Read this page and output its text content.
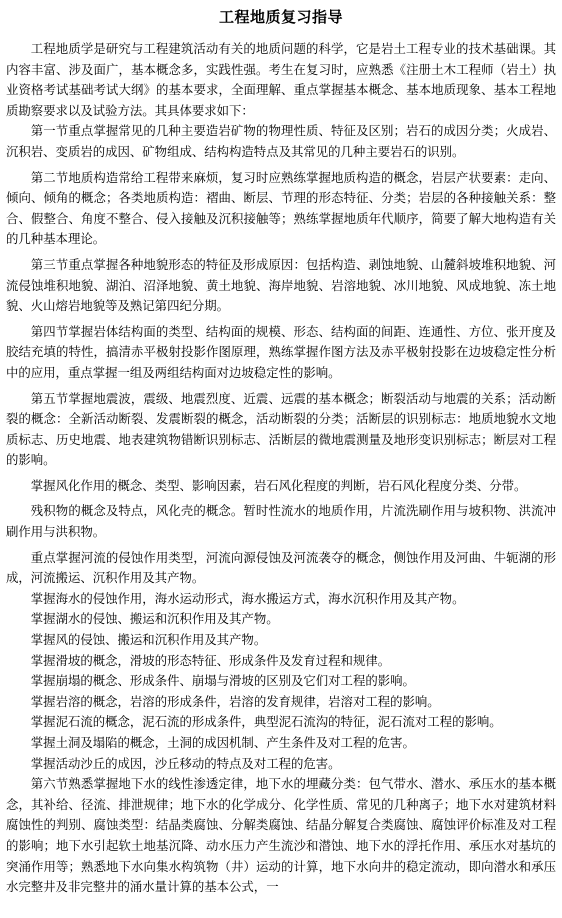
工程地质复习指导

工程地质学是研究与工程建筑活动有关的地质问题的科学，它是岩土工程专业的技术基础课。其内容丰富、涉及面广，基本概念多，实践性强。考生在复习时，应熟悉《注册土木工程师（岩土）执业资格考试基础考试大纲》的基本要求，全面理解、重点掌握基本概念、基本地质现象、基本工程地质勘察要求以及试验方法。其具体要求如下：

第一节重点掌握常见的几种主要造岩矿物的物理性质、特征及区别；岩石的成因分类；火成岩、沉积岩、变质岩的成因、矿物组成、结构构造特点及其常见的几种主要岩石的识别。

第二节地质构造常给工程带来麻烦，复习时应熟练掌握地质构造的概念，岩层产状要素：走向、倾向、倾角的概念；各类地质构造：褶曲、断层、节理的形态特征、分类；岩层的各种接触关系：整合、假整合、角度不整合、侵入接触及沉积接触等；熟练掌握地质年代顺序，简要了解大地构造有关的几种基本理论。

第三节重点掌握各种地貌形态的特征及形成原因：包括构造、剥蚀地貌、山麓斜坡堆积地貌、河流侵蚀堆积地貌、湖泊、沼泽地貌、黄土地貌、海岸地貌、岩溶地貌、冰川地貌、风成地貌、冻土地貌、火山熔岩地貌等及熟记第四纪分期。

第四节掌握岩体结构面的类型、结构面的规模、形态、结构面的间距、连通性、方位、张开度及胶结充填的特性，搞清赤平极射投影作图原理，熟练掌握作图方法及赤平极射投影在边坡稳定性分析中的应用，重点掌握一组及两组结构面对边坡稳定性的影响。

第五节掌握地震波，震级、地震烈度、近震、远震的基本概念；断裂活动与地震的关系；活动断裂的概念：全新活动断裂、发震断裂的概念，活动断裂的分类；活断层的识别标志：地质地貌水文地质标志、历史地震、地表建筑物错断识别标志、活断层的微地震测量及地形变识别标志；断层对工程的影响。

掌握风化作用的概念、类型、影响因素，岩石风化程度的判断，岩石风化程度分类、分带。

残积物的概念及特点，风化壳的概念。暂时性流水的地质作用，片流洗刷作用与坡积物、洪流冲刷作用与洪积物。

重点掌握河流的侵蚀作用类型，河流向源侵蚀及河流袭夺的概念，侧蚀作用及河曲、牛轭湖的形成，河流搬运、沉积作用及其产物。

掌握海水的侵蚀作用，海水运动形式，海水搬运方式，海水沉积作用及其产物。

掌握湖水的侵蚀、搬运和沉积作用及其产物。

掌握风的侵蚀、搬运和沉积作用及其产物。

掌握滑坡的概念，滑坡的形态特征、形成条件及发育过程和规律。

掌握崩塌的概念、形成条件、崩塌与滑坡的区别及它们对工程的影响。

掌握岩溶的概念，岩溶的形成条件，岩溶的发育规律，岩溶对工程的影响。

掌握泥石流的概念，泥石流的形成条件，典型泥石流沟的特征，泥石流对工程的影响。

掌握土洞及塌陷的概念，土洞的成因机制、产生条件及对工程的危害。

掌握活动沙丘的成因，沙丘移动的特点及对工程的危害。

第六节熟悉掌握地下水的线性渗透定律，地下水的埋藏分类：包气带水、潜水、承压水的基本概念，其补给、径流、排泄规律；地下水的化学成分、化学性质、常见的几种离子；地下水对建筑材料腐蚀性的判别、腐蚀类型：结晶类腐蚀、分解类腐蚀、结晶分解复合类腐蚀、腐蚀评价标准及对工程的影响；地下水引起软土地基沉降、动水压力产生流沙和潜蚀、地下水的浮托作用、承压水对基坑的突涌作用等；熟悉地下水向集水构筑物（井）运动的计算，地下水向井的稳定流动，即向潜水和承压水完整井及非完整井的涌水量计算的基本公式，一
